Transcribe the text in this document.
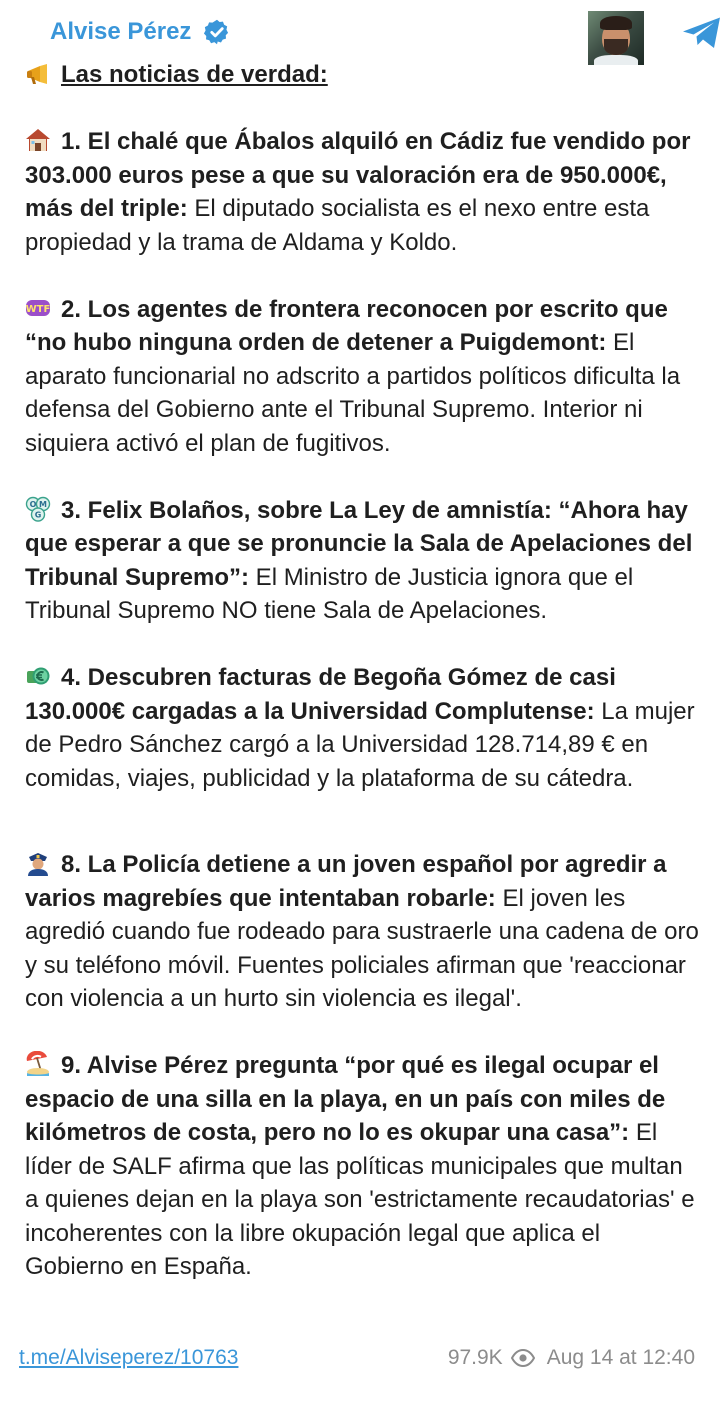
Alvise Pérez
Las noticias de verdad:
1. El chalé que Ábalos alquiló en Cádiz fue vendido por 303.000 euros pese a que su valoración era de 950.000€, más del triple: El diputado socialista es el nexo entre esta propiedad y la trama de Aldama y Koldo.
WTF 2. Los agentes de frontera reconocen por escrito que “no hubo ninguna orden de detener a Puigdemont: El aparato funcionarial no adscrito a partidos políticos dificulta la defensa del Gobierno ante el Tribunal Supremo. Interior ni siquiera activó el plan de fugitivos.
O M
G 3. Felix Bolaños, sobre La Ley de amnistía: “Ahora hay que esperar a que se pronuncie la Sala de Apelaciones del Tribunal Supremo”: El Ministro de Justicia ignora que el Tribunal Supremo NO tiene Sala de Apelaciones.
4. Descubren facturas de Begoña Gómez de casi 130.000€ cargadas a la Universidad Complutense: La mujer de Pedro Sánchez cargó a la Universidad 128.714,89 € en comidas, viajes, publicidad y la plataforma de su cátedra.
8. La Policía detiene a un joven español por agredir a varios magrebíes que intentaban robarle: El joven les agredió cuando fue rodeado para sustraerle una cadena de oro y su teléfono móvil. Fuentes policiales afirman que 'reaccionar con violencia a un hurto sin violencia es ilegal'.
9. Alvise Pérez pregunta “por qué es ilegal ocupar el espacio de una silla en la playa, en un país con miles de kilómetros de costa, pero no lo es okupar una casa”: El líder de SALF afirma que las políticas municipales que multan a quienes dejan en la playa son 'estrictamente recaudatorias' e incoherentes con la libre okupación legal que aplica el Gobierno en España.
t.me/Alviseperez/10763	97.9K Aug 14 at 12:40
